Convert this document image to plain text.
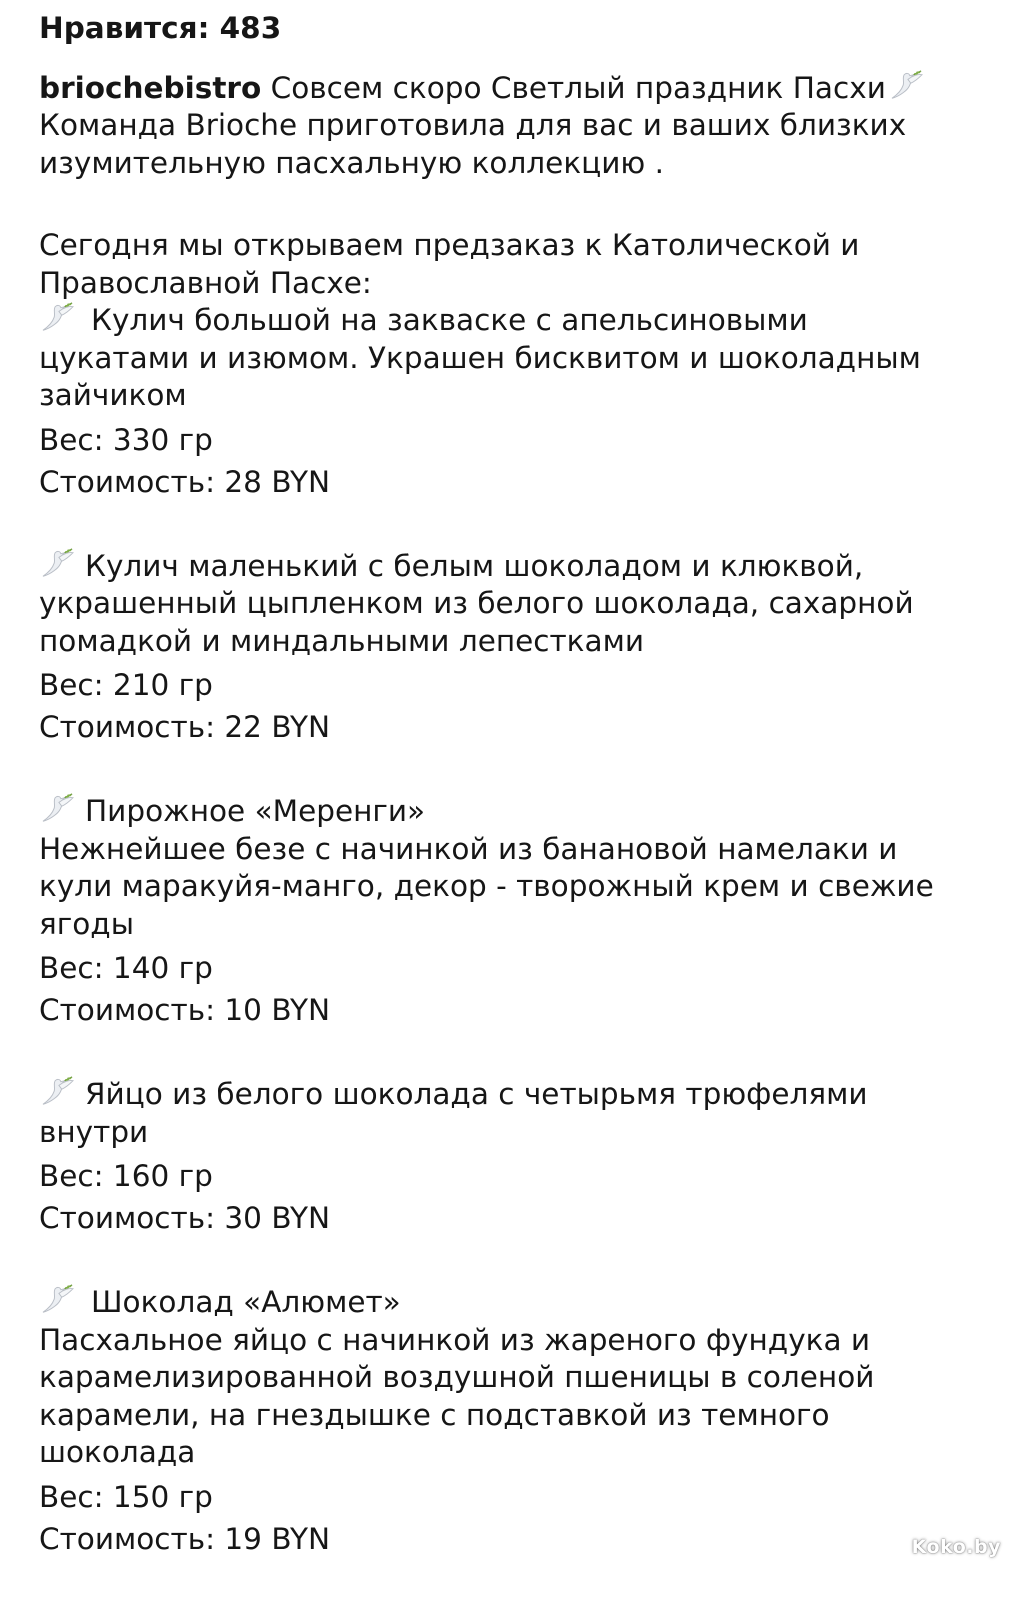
Нравится: 483

briochebistro Совсем скоро Светлый праздник Пасхи
Команда Brioche приготовила для вас и ваших близких
изумительную пасхальную коллекцию .

Сегодня мы открываем предзаказ к Католической и
Православной Пасхе:

Кулич большой на закваске с апельсиновыми
цукатами и изюмом. Украшен бисквитом и шоколадным
зайчиком
Вес: 330 гр
Стоимость: 28 BYN
Кулич маленький с белым шоколадом и клюквой,
украшенный цыпленком из белого шоколада, сахарной
помадкой и миндальными лепестками
Вес: 210 гр
Стоимость: 22 BYN
Пирожное «Меренги»
Нежнейшее безе с начинкой из банановой намелаки и
кули маракуйя-манго, декор - творожный крем и свежие
ягоды
Вес: 140 гр
Стоимость: 10 BYN
Яйцо из белого шоколада с четырьмя трюфелями
внутри
Вес: 160 гр
Стоимость: 30 BYN
Шоколад «Алюмет»
Пасхальное яйцо с начинкой из жареного фундука и
карамелизированной воздушной пшеницы в соленой
карамели, на гнездышке с подставкой из темного
шоколада
Вес: 150 гр
Стоимость: 19 BYN	Koko.by
